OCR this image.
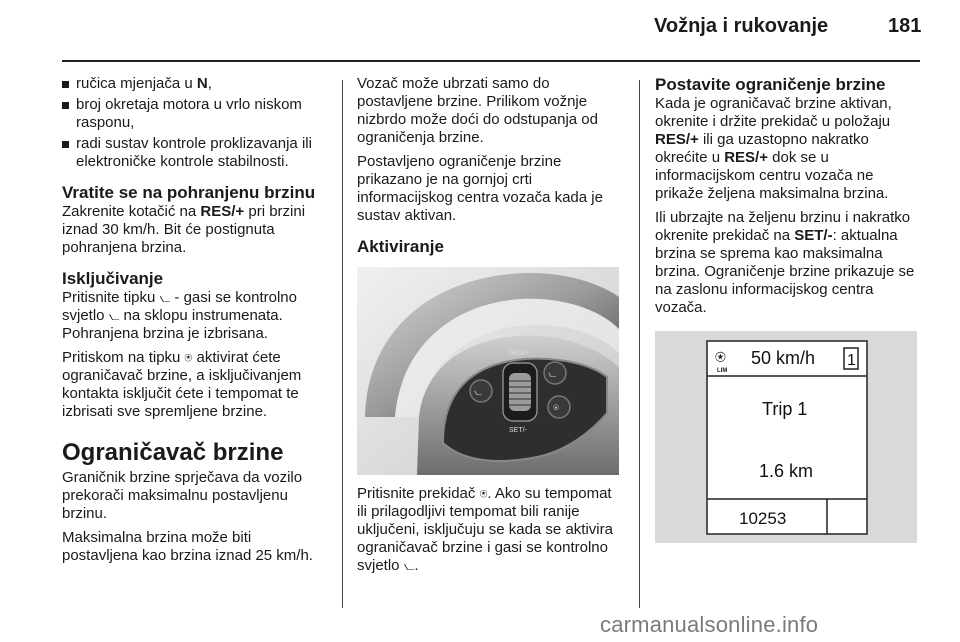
Vožnja i rukovanje	181
ručica mjenjača u N,
broj okretaja motora u vrlo niskom rasponu,
radi sustav kontrole proklizavanja ili elektroničke kontrole stabilnosti.
Vratite se na pohranjenu brzinu

Zakrenite kotačić na RES/+ pri brzini iznad 30 km/h. Bit će postignuta pohranjena brzina.

Isključivanje

Pritisnite tipku ⦦ - gasi se kontrolno svjetlo ⦦ na sklopu instrumenata. Pohranjena brzina je izbrisana.

Pritiskom na tipku ⍟ aktivirat ćete ograničavač brzine, a isključivanjem kontakta isključit ćete i tempomat te izbrisati sve spremljene brzine.

Ograničavač brzine

Graničnik brzine sprječava da vozilo prekorači maksimalnu postavljenu brzinu.

Maksimalna brzina može biti postavljena kao brzina iznad 25 km/h.

Vozač može ubrzati samo do postavljene brzine. Prilikom vožnje nizbrdo može doći do odstupanja od ograničenja brzine.

Postavljeno ograničenje brzine prikazano je na gornjoj crti informacijskog centra vozača kada je sustav aktivan.

Aktiviranje
RES/+
SET/-
⦦
⦦
⍟

Pritisnite prekidač ⍟. Ako su tempomat ili prilagodljivi tempomat bili ranije uključeni, isključuju se kada se aktivira ograničavač brzine i gasi se kontrolno svjetlo ⦦.

Postavite ograničenje brzine

Kada je ograničavač brzine aktivan, okrenite i držite prekidač u položaju RES/+ ili ga uzastopno nakratko okrećite u RES/+ dok se u informacijskom centru vozača ne prikaže željena maksimalna brzina.

Ili ubrzajte na željenu brzinu i nakratko okrenite prekidač na SET/-: aktualna brzina se sprema kao maksimalna brzina. Ograničenje brzine prikazuje se na zaslonu informacijskog centra vozača.

⍟
LIM
50 km/h 1
Trip 1
1.6 km
10253
carmanualsonline.info
